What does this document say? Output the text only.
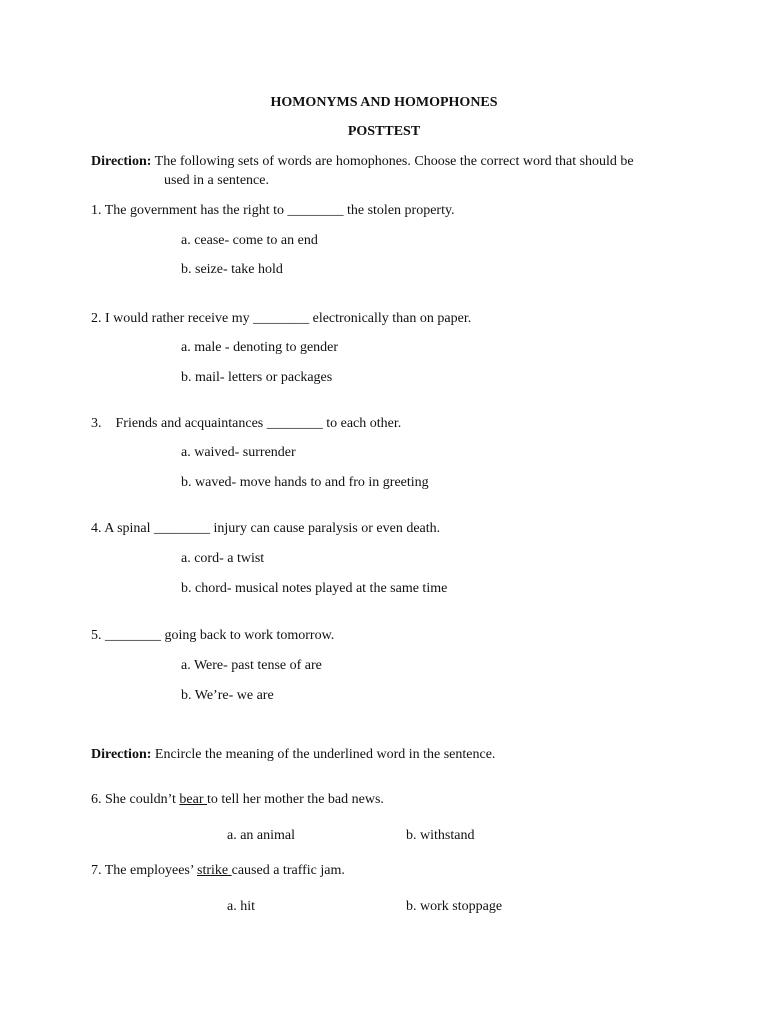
HOMONYMS AND HOMOPHONES
POSTTEST
Direction: The following sets of words are homophones. Choose the correct word that should be
used in a sentence.
1. The government has the right to ________ the stolen property.
a. cease- come to an end
b. seize- take hold
2. I would rather receive my ________ electronically than on paper.
a. male - denoting to gender
b. mail- letters or packages
3.    Friends and acquaintances ________ to each other.
a. waived- surrender
b. waved- move hands to and fro in greeting
4. A spinal ________ injury can cause paralysis or even death.
a. cord- a twist
b. chord- musical notes played at the same time
5. ________ going back to work tomorrow.
a. Were- past tense of are
b. We’re- we are
Direction: Encircle the meaning of the underlined word in the sentence.
6. She couldn’t bear to tell her mother the bad news.
a. an animal	b. withstand
7. The employees’ strike caused a traffic jam.
a. hit	b. work stoppage
